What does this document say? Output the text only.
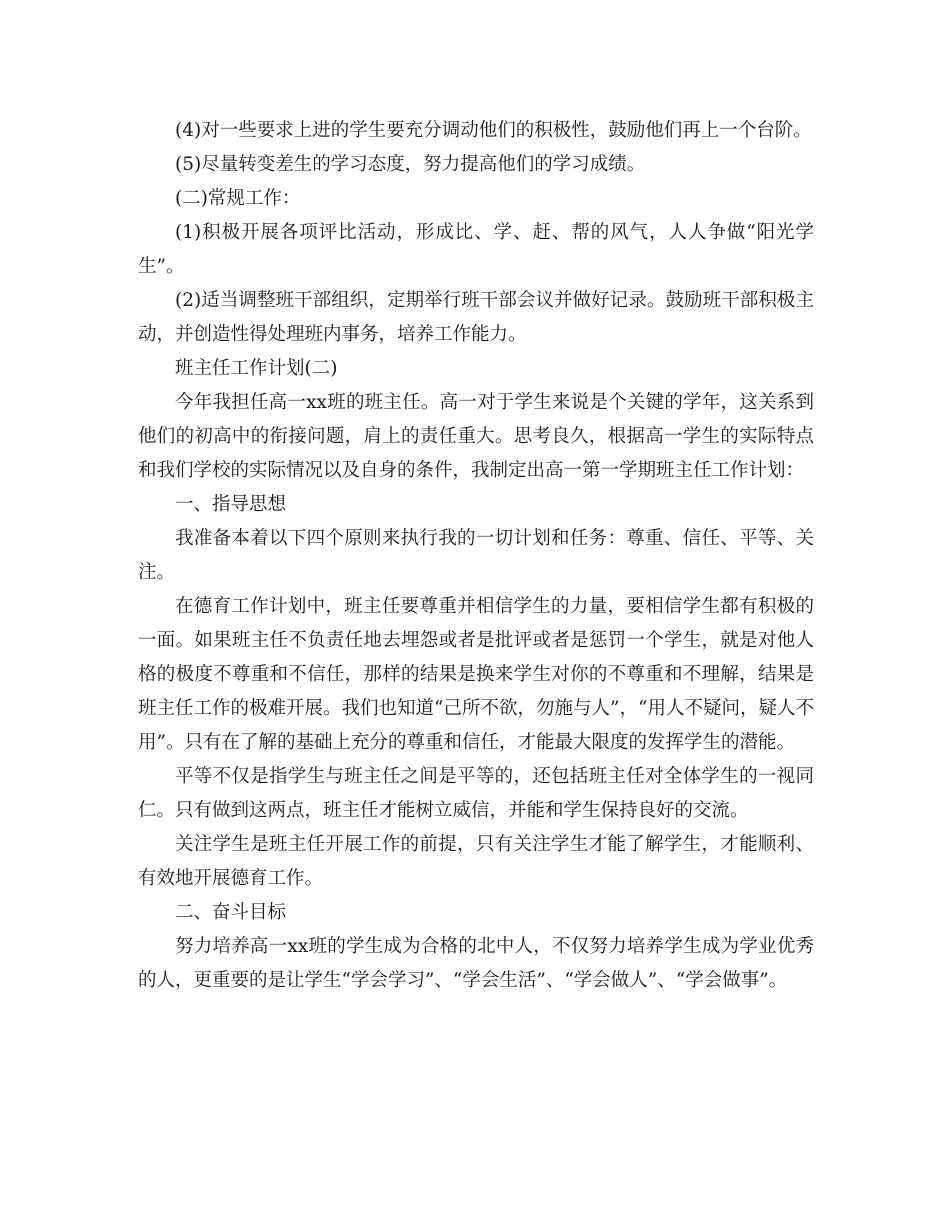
(4)对一些要求上进的学生要充分调动他们的积极性，鼓励他们再上一个台阶。

(5)尽量转变差生的学习态度，努力提高他们的学习成绩。

(二)常规工作：

(1)积极开展各项评比活动，形成比、学、赶、帮的风气，人人争做“阳光学生”。

(2)适当调整班干部组织，定期举行班干部会议并做好记录。鼓励班干部积极主动，并创造性得处理班内事务，培养工作能力。

班主任工作计划(二)

今年我担任高一xx班的班主任。高一对于学生来说是个关键的学年，这关系到他们的初高中的衔接问题，肩上的责任重大。思考良久，根据高一学生的实际特点和我们学校的实际情况以及自身的条件，我制定出高一第一学期班主任工作计划：

一、指导思想

我准备本着以下四个原则来执行我的一切计划和任务：尊重、信任、平等、关注。

在德育工作计划中，班主任要尊重并相信学生的力量，要相信学生都有积极的一面。如果班主任不负责任地去埋怨或者是批评或者是惩罚一个学生，就是对他人格的极度不尊重和不信任，那样的结果是换来学生对你的不尊重和不理解，结果是班主任工作的极难开展。我们也知道“己所不欲，勿施与人”，“用人不疑问，疑人不用”。只有在了解的基础上充分的尊重和信任，才能最大限度的发挥学生的潜能。

平等不仅是指学生与班主任之间是平等的，还包括班主任对全体学生的一视同仁。只有做到这两点，班主任才能树立威信，并能和学生保持良好的交流。

关注学生是班主任开展工作的前提，只有关注学生才能了解学生，才能顺利、有效地开展德育工作。

二、奋斗目标

努力培养高一xx班的学生成为合格的北中人，不仅努力培养学生成为学业优秀的人，更重要的是让学生“学会学习”、“学会生活”、“学会做人”、“学会做事”。
